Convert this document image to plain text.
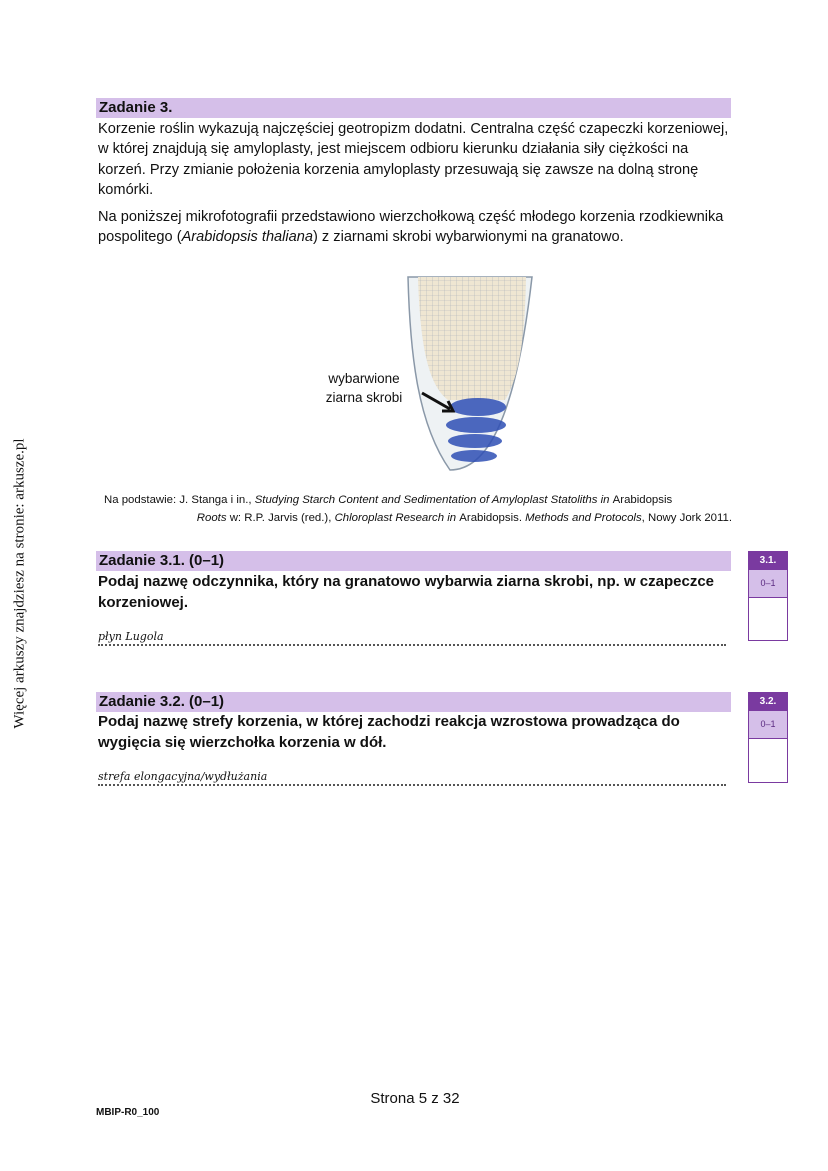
Więcej arkuszy znajdziesz na stronie: arkusze.pl
Zadanie 3.
Korzenie roślin wykazują najczęściej geotropizm dodatni. Centralna część czapeczki korzeniowej, w której znajdują się amyloplasty, jest miejscem odbioru kierunku działania siły ciężkości na korzeń. Przy zmianie położenia korzenia amyloplasty przesuwają się zawsze na dolną stronę komórki.
Na poniższej mikrofotografii przedstawiono wierzchołkową część młodego korzenia rzodkiewnika pospolitego (Arabidopsis thaliana) z ziarnami skrobi wybarwionymi na granatowo.
wybarwione
ziarna skrobi
Na podstawie: J. Stanga i in., Studying Starch Content and Sedimentation of Amyloplast Statoliths in Arabidopsis
Roots w: R.P. Jarvis (red.), Chloroplast Research in Arabidopsis. Methods and Protocols, Nowy Jork 2011.
Zadanie 3.1. (0–1)
Podaj nazwę odczynnika, który na granatowo wybarwia ziarna skrobi, np. w czapeczce korzeniowej.
płyn Lugola
3.1.
0–1
Zadanie 3.2. (0–1)
Podaj nazwę strefy korzenia, w której zachodzi reakcja wzrostowa prowadząca do wygięcia się wierzchołka korzenia w dół.
strefa elongacyjna/wydłużania
3.2.
0–1
Strona 5 z 32
MBIP-R0_100
